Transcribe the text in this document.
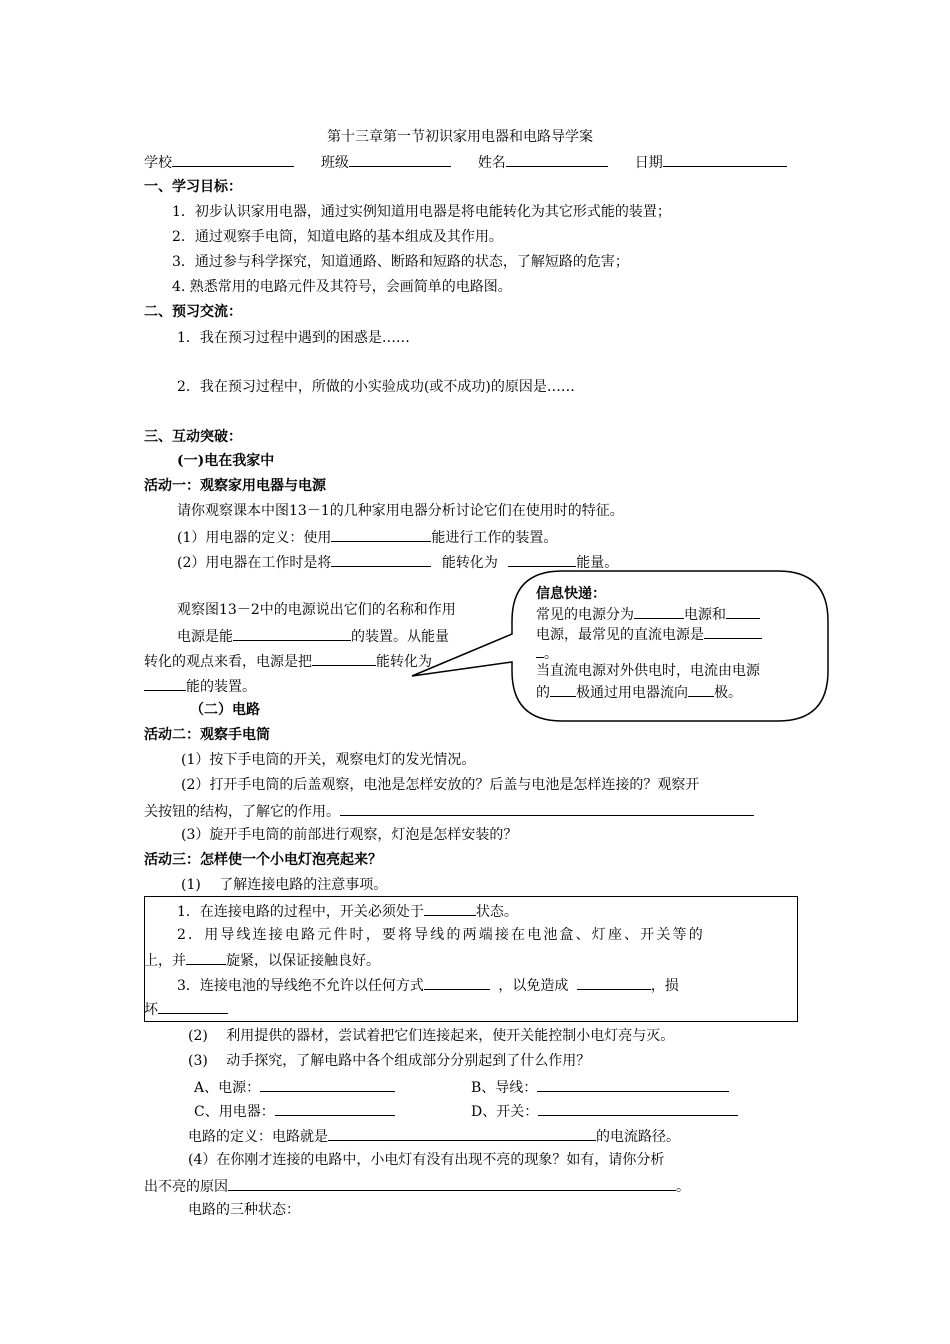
第十三章第一节初识家用电器和电路导学案
学校	班级	姓名	日期
一、学习目标：
1．初步认识家用电器，通过实例知道用电器是将电能转化为其它形式能的装置；
2．通过观察手电筒，知道电路的基本组成及其作用。
3．通过参与科学探究，知道通路、断路和短路的状态，了解短路的危害；
4. 熟悉常用的电路元件及其符号，会画简单的电路图。
二、预习交流：
1．我在预习过程中遇到的困惑是……
2．我在预习过程中，所做的小实验成功(或不成功)的原因是……
三、互动突破：
(一)电在我家中
活动一：观察家用电器与电源
请你观察课本中图13－1的几种家用电器分析讨论它们在使用时的特征。
(1）用电器的定义：使用	能进行工作的装置。
(2）用电器在工作时是将	能转化为	能量。
观察图13－2中的电源说出它们的名称和作用
电源是能	的装置。从能量
转化的观点来看，电源是把	能转化为
能的装置。
信息快递：
常见的电源分为	电源和
电源，最常见的直流电源是
。
当直流电源对外供电时，电流由电源
的 极通过用电器流向 极。
（二）电路
活动二：观察手电筒
(1）按下手电筒的开关，观察电灯的发光情况。
(2）打开手电筒的后盖观察，电池是怎样安放的？后盖与电池是怎样连接的？观察开
关按钮的结构，了解它的作用。
(3）旋开手电筒的前部进行观察，灯泡是怎样安装的？
活动三：怎样使一个小电灯泡亮起来？
(1)　 了解连接电路的注意事项。
1．在连接电路的过程中，开关必须处于	状态。
2．用导线连接电路元件时，要将导线的两端接在电池盒、灯座、开关等的
上，并	旋紧，以保证接触良好。
3．连接电池的导线绝不允许以任何方式	，以免造成	，损
坏
(2)　 利用提供的器材，尝试着把它们连接起来，使开关能控制小电灯亮与灭。
(3)　 动手探究，了解电路中各个组成部分分别起到了什么作用？
A、电源：	B、导线：
C、用电器：	D、开关：
电路的定义：电路就是	的电流路径。
(4）在你刚才连接的电路中，小电灯有没有出现不亮的现象？如有，请你分析
出不亮的原因	。
电路的三种状态：
